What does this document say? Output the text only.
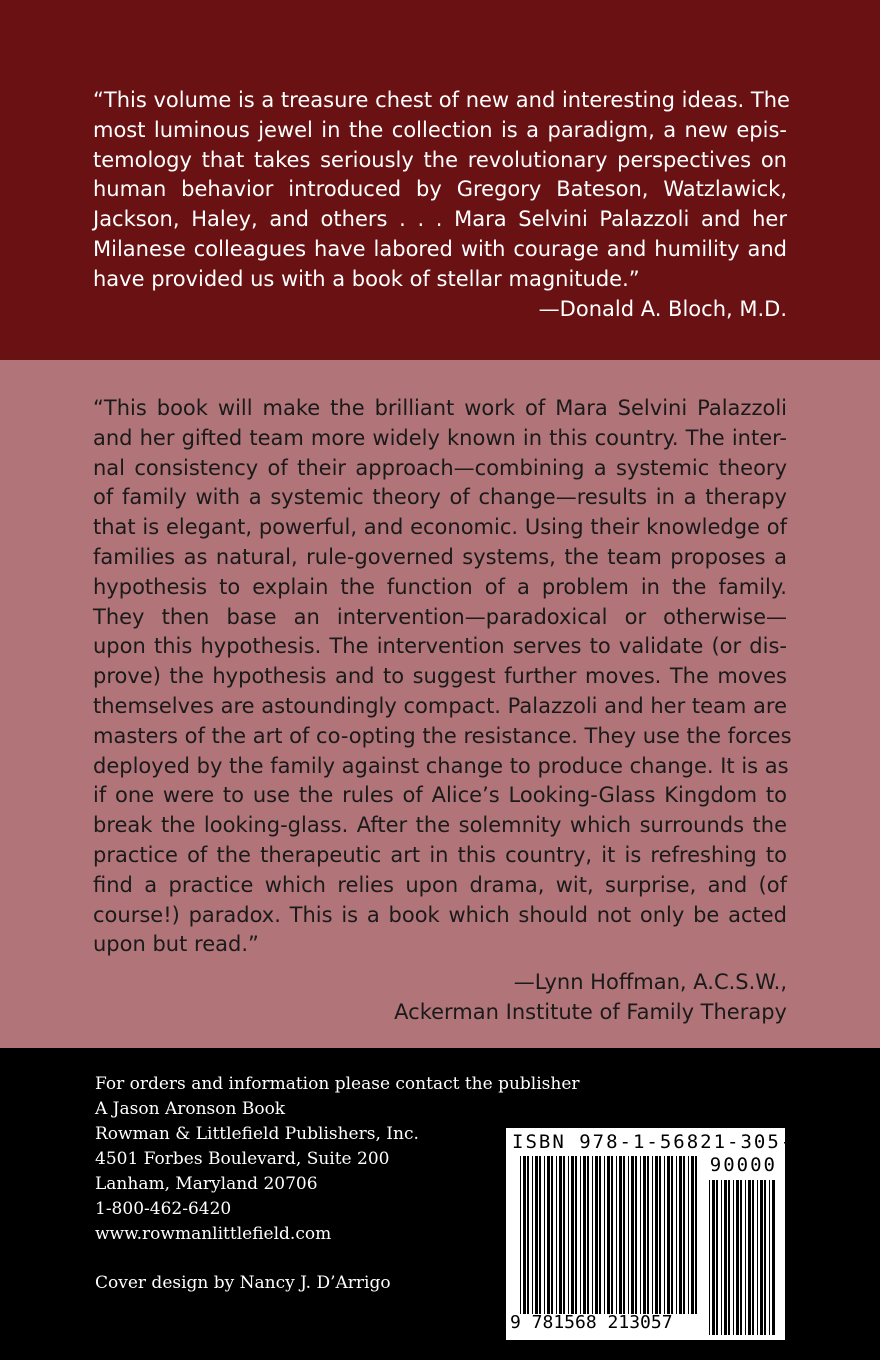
“This volume is a treasure chest of new and interesting ideas. The
most luminous jewel in the collection is a paradigm, a new epis-
temology that takes seriously the revolutionary perspectives on
human behavior introduced by Gregory Bateson, Watzlawick,
Jackson, Haley, and others . . . Mara Selvini Palazzoli and her
Milanese colleagues have labored with courage and humility and
have provided us with a book of stellar magnitude.”
—Donald A. Bloch, M.D.
“This book will make the brilliant work of Mara Selvini Palazzoli
and her gifted team more widely known in this country. The inter-
nal consistency of their approach—combining a systemic theory
of family with a systemic theory of change—results in a therapy
that is elegant, powerful, and economic. Using their knowledge of
families as natural, rule-governed systems, the team proposes a
hypothesis to explain the function of a problem in the family.
They then base an intervention—paradoxical or otherwise—
upon this hypothesis. The intervention serves to validate (or dis-
prove) the hypothesis and to suggest further moves. The moves
themselves are astoundingly compact. Palazzoli and her team are
masters of the art of co-opting the resistance. They use the forces
deployed by the family against change to produce change. It is as
if one were to use the rules of Alice’s Looking-Glass Kingdom to
break the looking-glass. After the solemnity which surrounds the
practice of the therapeutic art in this country, it is refreshing to
find a practice which relies upon drama, wit, surprise, and (of
course!) paradox. This is a book which should not only be acted
upon but read.”
—Lynn Hoffman, A.C.S.W.,
Ackerman Institute of Family Therapy
For orders and information please contact the publisher
A Jason Aronson Book
Rowman & Littlefield Publishers, Inc.
4501 Forbes Boulevard, Suite 200
Lanham, Maryland 20706
1-800-462-6420
www.rowmanlittlefield.com
Cover design by Nancy J. D’Arrigo
ISBN 978-1-56821-305-7
90000
9 781568 213057
